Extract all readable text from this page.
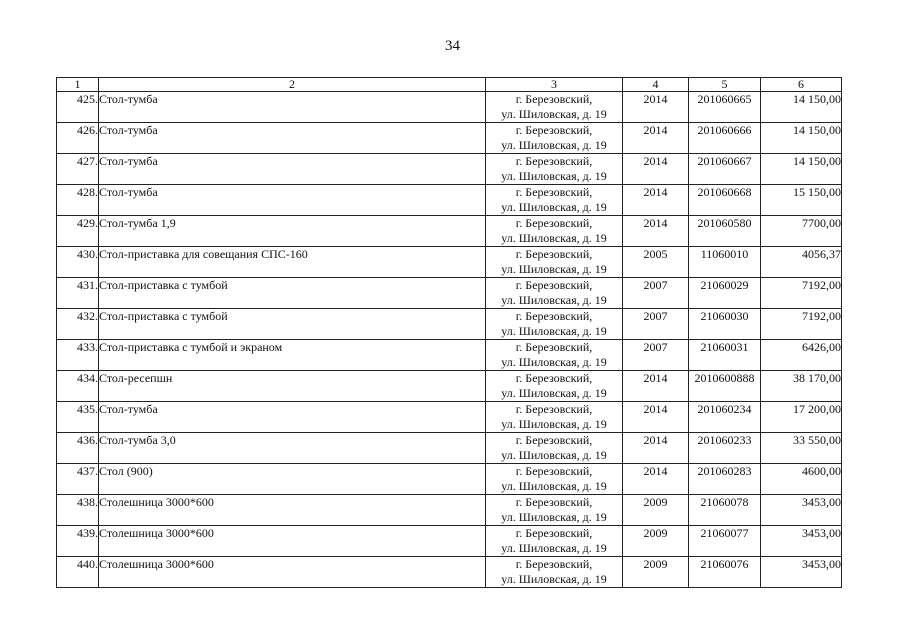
34
1	2	3	4	5	6
425.	Стол-тумба	г. Березовский,
ул. Шиловская, д. 19	2014	201060665	14 150,00
426.	Стол-тумба	г. Березовский,
ул. Шиловская, д. 19	2014	201060666	14 150,00
427.	Стол-тумба	г. Березовский,
ул. Шиловская, д. 19	2014	201060667	14 150,00
428.	Стол-тумба	г. Березовский,
ул. Шиловская, д. 19	2014	201060668	15 150,00
429.	Стол-тумба 1,9	г. Березовский,
ул. Шиловская, д. 19	2014	201060580	7700,00
430.	Стол-приставка для совещания СПС-160	г. Березовский,
ул. Шиловская, д. 19	2005	11060010	4056,37
431.	Стол-приставка с тумбой	г. Березовский,
ул. Шиловская, д. 19	2007	21060029	7192,00
432.	Стол-приставка с тумбой	г. Березовский,
ул. Шиловская, д. 19	2007	21060030	7192,00
433.	Стол-приставка с тумбой и экраном	г. Березовский,
ул. Шиловская, д. 19	2007	21060031	6426,00
434.	Стол-ресепшн	г. Березовский,
ул. Шиловская, д. 19	2014	2010600888	38 170,00
435.	Стол-тумба	г. Березовский,
ул. Шиловская, д. 19	2014	201060234	17 200,00
436.	Стол-тумба 3,0	г. Березовский,
ул. Шиловская, д. 19	2014	201060233	33 550,00
437.	Стол (900)	г. Березовский,
ул. Шиловская, д. 19	2014	201060283	4600,00
438.	Столешница 3000*600	г. Березовский,
ул. Шиловская, д. 19	2009	21060078	3453,00
439.	Столешница 3000*600	г. Березовский,
ул. Шиловская, д. 19	2009	21060077	3453,00
440.	Столешница 3000*600	г. Березовский,
ул. Шиловская, д. 19	2009	21060076	3453,00
